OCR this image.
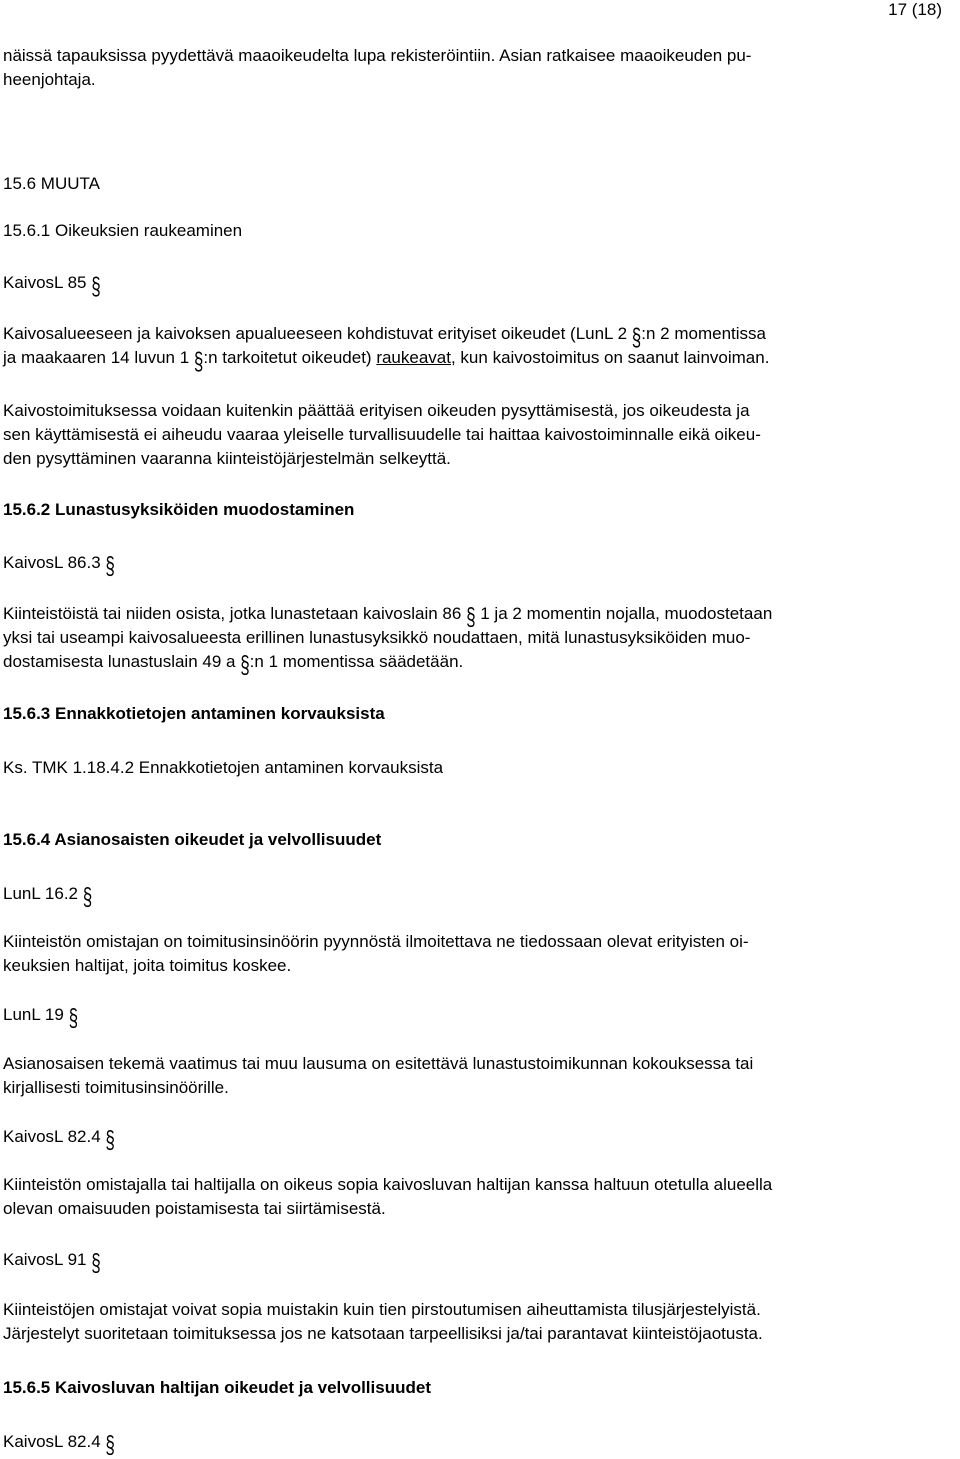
17 (18)
näissä tapauksissa pyydettävä maaoikeudelta lupa rekisteröintiin. Asian ratkaisee maaoikeuden pu-
heenjohtaja.
15.6 MUUTA
15.6.1 Oikeuksien raukeaminen
KaivosL 85 §
Kaivosalueeseen ja kaivoksen apualueeseen kohdistuvat erityiset oikeudet (LunL 2 §:n 2 momentissa
ja maakaaren 14 luvun 1 §:n tarkoitetut oikeudet) raukeavat, kun kaivostoimitus on saanut lainvoiman.
Kaivostoimituksessa voidaan kuitenkin päättää erityisen oikeuden pysyttämisestä, jos oikeudesta ja
sen käyttämisestä ei aiheudu vaaraa yleiselle turvallisuudelle tai haittaa kaivostoiminnalle eikä oikeu-
den pysyttäminen vaaranna kiinteistöjärjestelmän selkeyttä.
15.6.2 Lunastusyksiköiden muodostaminen
KaivosL 86.3 §
Kiinteistöistä tai niiden osista, jotka lunastetaan kaivoslain 86 § 1 ja 2 momentin nojalla, muodostetaan
yksi tai useampi kaivosalueesta erillinen lunastusyksikkö noudattaen, mitä lunastusyksiköiden muo-
dostamisesta lunastuslain 49 a §:n 1 momentissa säädetään.
15.6.3 Ennakkotietojen antaminen korvauksista
Ks. TMK 1.18.4.2 Ennakkotietojen antaminen korvauksista
15.6.4 Asianosaisten oikeudet ja velvollisuudet
LunL 16.2 §
Kiinteistön omistajan on toimitusinsinöörin pyynnöstä ilmoitettava ne tiedossaan olevat erityisten oi-
keuksien haltijat, joita toimitus koskee.
LunL 19 §
Asianosaisen tekemä vaatimus tai muu lausuma on esitettävä lunastustoimikunnan kokouksessa tai
kirjallisesti toimitusinsinöörille.
KaivosL 82.4 §
Kiinteistön omistajalla tai haltijalla on oikeus sopia kaivosluvan haltijan kanssa haltuun otetulla alueella
olevan omaisuuden poistamisesta tai siirtämisestä.
KaivosL 91 §
Kiinteistöjen omistajat voivat sopia muistakin kuin tien pirstoutumisen aiheuttamista tilusjärjestelyistä.
Järjestelyt suoritetaan toimituksessa jos ne katsotaan tarpeellisiksi ja/tai parantavat kiinteistöjaotusta.
15.6.5 Kaivosluvan haltijan oikeudet ja velvollisuudet
KaivosL 82.4 §
